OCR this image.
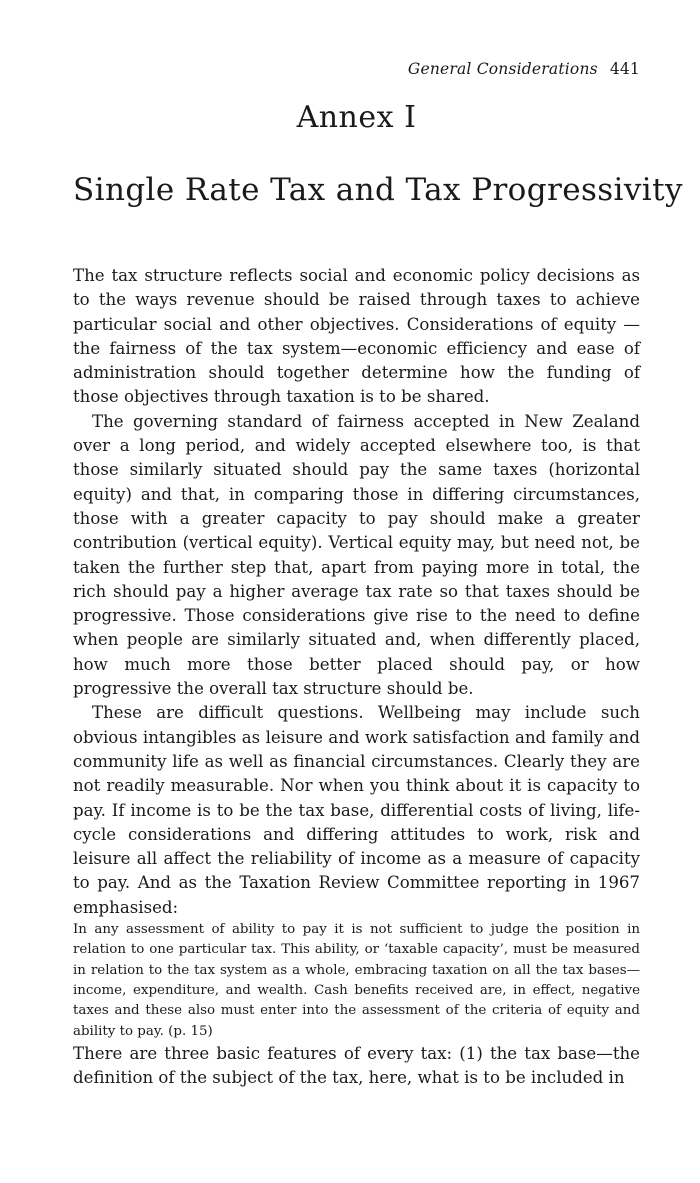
General Considerations 441
Annex I
Single Rate Tax and Tax Progressivity

The tax structure reflects social and economic policy decisions as to the ways revenue should be raised through taxes to achieve particular social and other objectives. Considerations of equity —the fairness of the tax system—economic efficiency and ease of administration should together determine how the funding of those objectives through taxation is to be shared.

The governing standard of fairness accepted in New Zealand over a long period, and widely accepted elsewhere too, is that those similarly situated should pay the same taxes (horizontal equity) and that, in comparing those in differing circumstances, those with a greater capacity to pay should make a greater contribution (vertical equity). Vertical equity may, but need not, be taken the further step that, apart from paying more in total, the rich should pay a higher average tax rate so that taxes should be progressive. Those considerations give rise to the need to define when people are similarly situated and, when differently placed, how much more those better placed should pay, or how progressive the overall tax structure should be.

These are difficult questions. Wellbeing may include such obvious intangibles as leisure and work satisfaction and family and community life as well as financial circumstances. Clearly they are not readily measurable. Nor when you think about it is capacity to pay. If income is to be the tax base, differential costs of living, life-cycle considerations and differing attitudes to work, risk and leisure all affect the reliability of income as a measure of capacity to pay. And as the Taxation Review Committee reporting in 1967 emphasised:

In any assessment of ability to pay it is not sufficient to judge the position in relation to one particular tax. This ability, or ‘taxable capacity’, must be measured in relation to the tax system as a whole, embracing taxation on all the tax bases—income, expenditure, and wealth. Cash benefits received are, in effect, negative taxes and these also must enter into the assessment of the criteria of equity and ability to pay. (p. 15)

There are three basic features of every tax: (1) the tax base—the definition of the subject of the tax, here, what is to be included in
